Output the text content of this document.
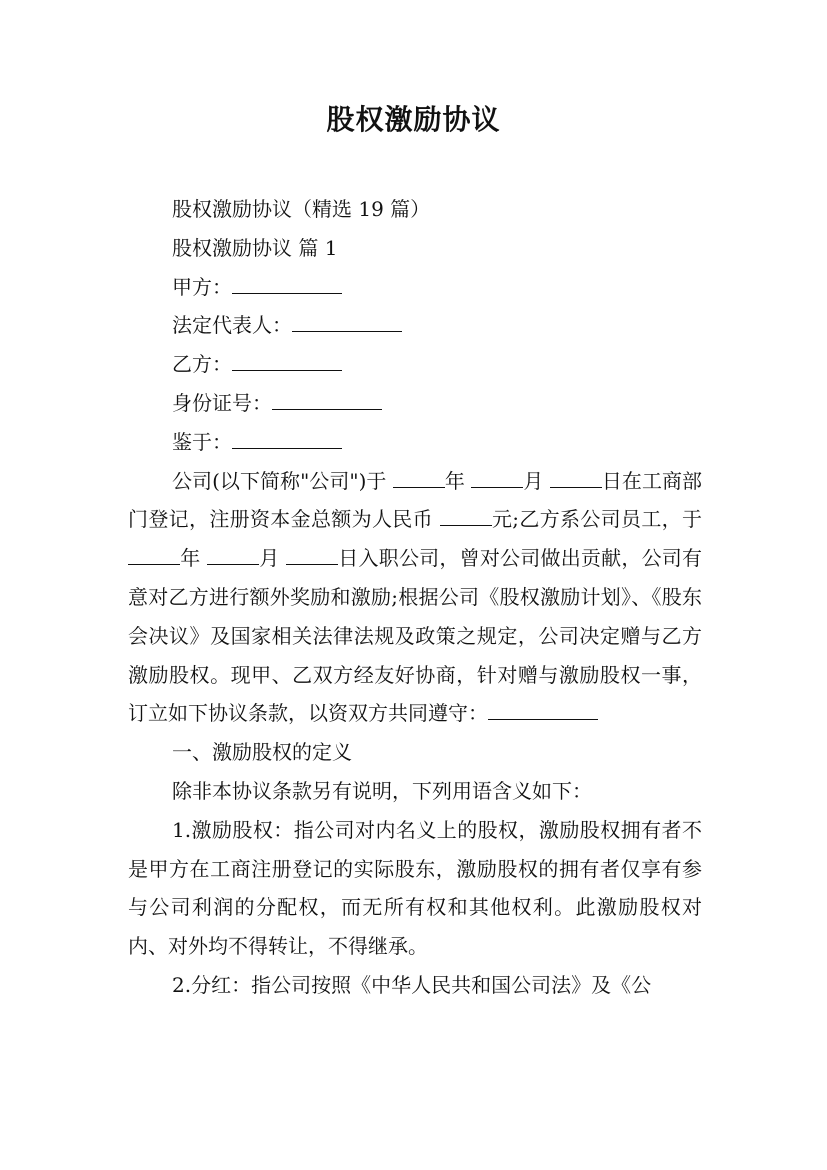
股权激励协议

股权激励协议（精选 19 篇）

股权激励协议 篇 1

甲方：

法定代表人：

乙方：

身份证号：

鉴于：

公司(以下简称"公司")于	年	月	日在工商部门登记，注册资本金总额为人民币	元;乙方系公司员工，于 年	月	日入职公司，曾对公司做出贡献，公司有意对乙方进行额外奖励和激励;根据公司《股权激励计划》、《股东会决议》及国家相关法律法规及政策之规定，公司决定赠与乙方激励股权。现甲、乙双方经友好协商，针对赠与激励股权一事，订立如下协议条款，以资双方共同遵守：

一、激励股权的定义

除非本协议条款另有说明，下列用语含义如下：

1.激励股权：指公司对内名义上的股权，激励股权拥有者不是甲方在工商注册登记的实际股东，激励股权的拥有者仅享有参与公司利润的分配权，而无所有权和其他权利。此激励股权对内、对外均不得转让，不得继承。

2.分红：指公司按照《中华人民共和国公司法》及《公
